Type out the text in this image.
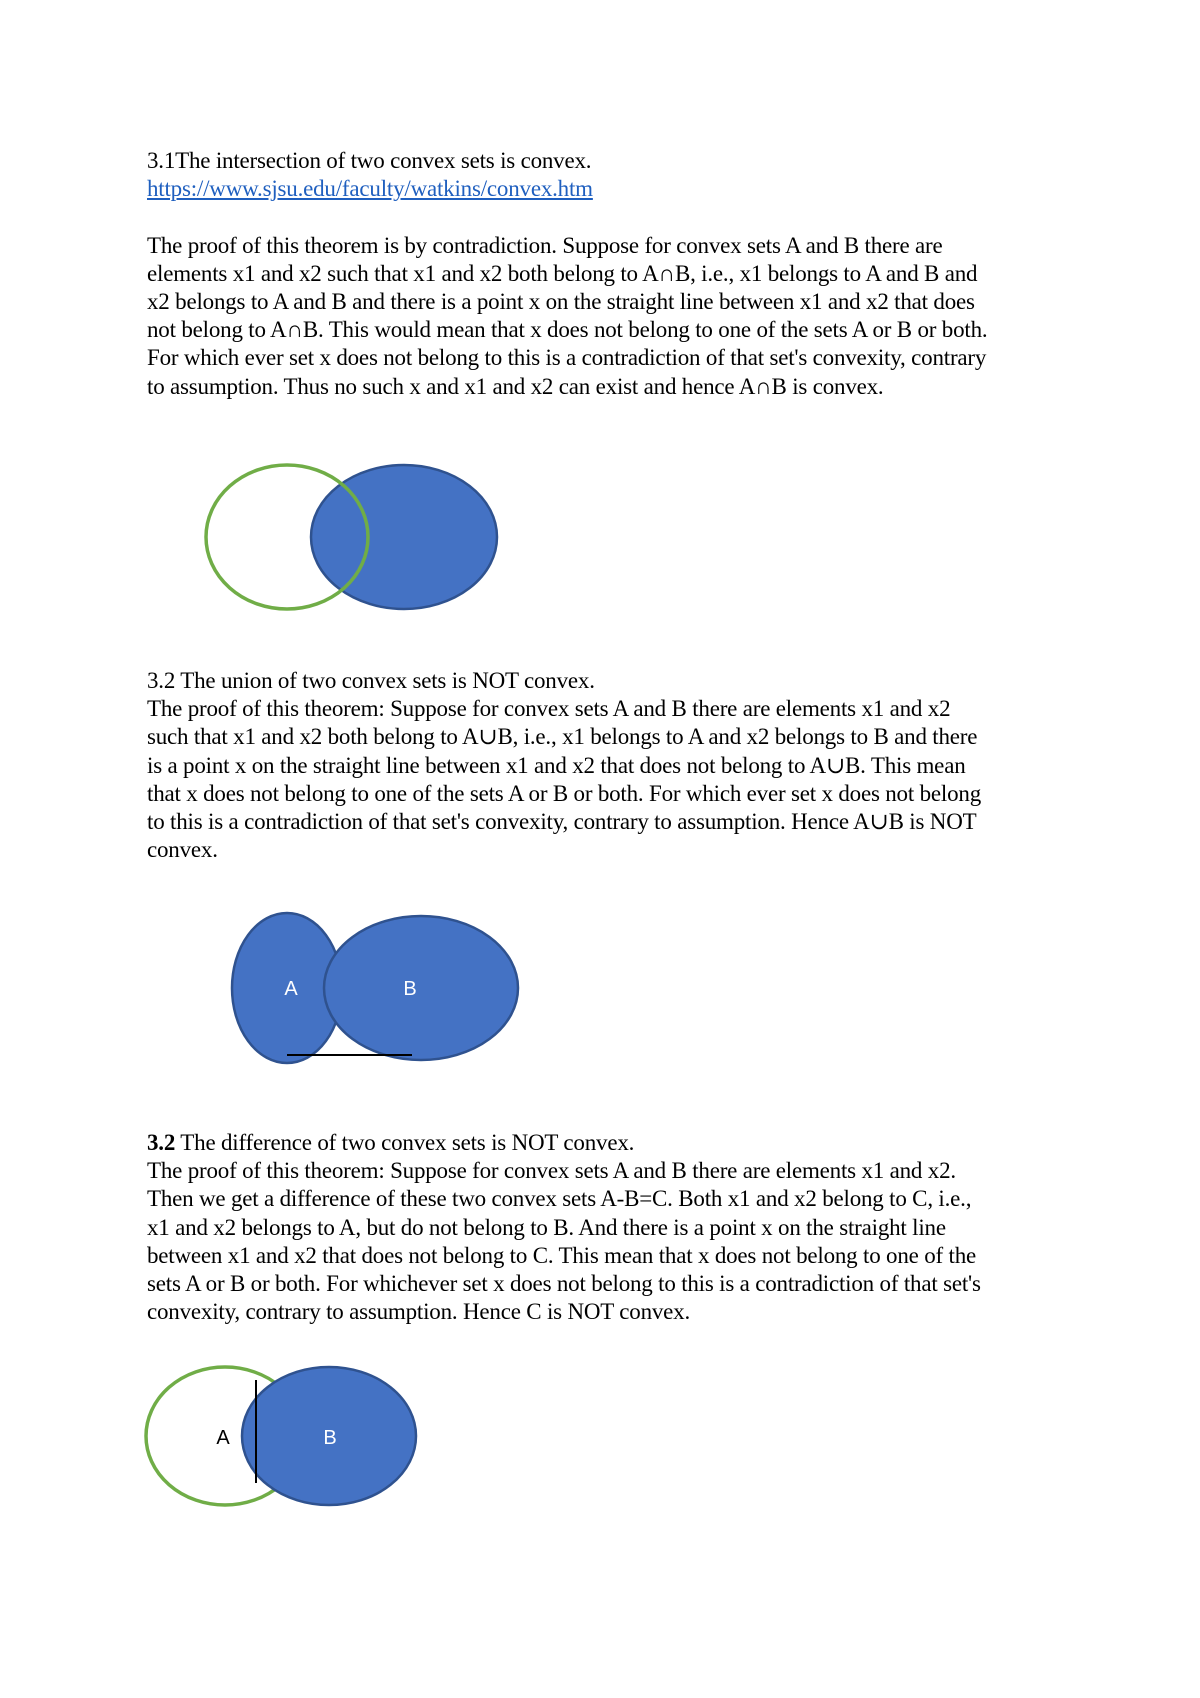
3.1The intersection of two convex sets is convex.

https://www.sjsu.edu/faculty/watkins/convex.htm

The proof of this theorem is by contradiction. Suppose for convex sets A and B there are

elements x1 and x2 such that x1 and x2 both belong to A∩B, i.e., x1 belongs to A and B and

x2 belongs to A and B and there is a point x on the straight line between x1 and x2 that does

not belong to A∩B. This would mean that x does not belong to one of the sets A or B or both.

For which ever set x does not belong to this is a contradiction of that set's convexity, contrary

to assumption. Thus no such x and x1 and x2 can exist and hence A∩B is convex.

3.2 The union of two convex sets is NOT convex.

The proof of this theorem: Suppose for convex sets A and B there are elements x1 and x2

such that x1 and x2 both belong to A∪B, i.e., x1 belongs to A and x2 belongs to B and there

is a point x on the straight line between x1 and x2 that does not belong to A∪B. This mean

that x does not belong to one of the sets A or B or both. For which ever set x does not belong

to this is a contradiction of that set's convexity, contrary to assumption. Hence A∪B is NOT

convex.

A	B

3.2 The difference of two convex sets is NOT convex.

The proof of this theorem: Suppose for convex sets A and B there are elements x1 and x2.

Then we get a difference of these two convex sets A-B=C. Both x1 and x2 belong to C, i.e.,

x1 and x2 belongs to A, but do not belong to B. And there is a point x on the straight line

between x1 and x2 that does not belong to C. This mean that x does not belong to one of the

sets A or B or both. For whichever set x does not belong to this is a contradiction of that set's

convexity, contrary to assumption. Hence C is NOT convex.

A	B
